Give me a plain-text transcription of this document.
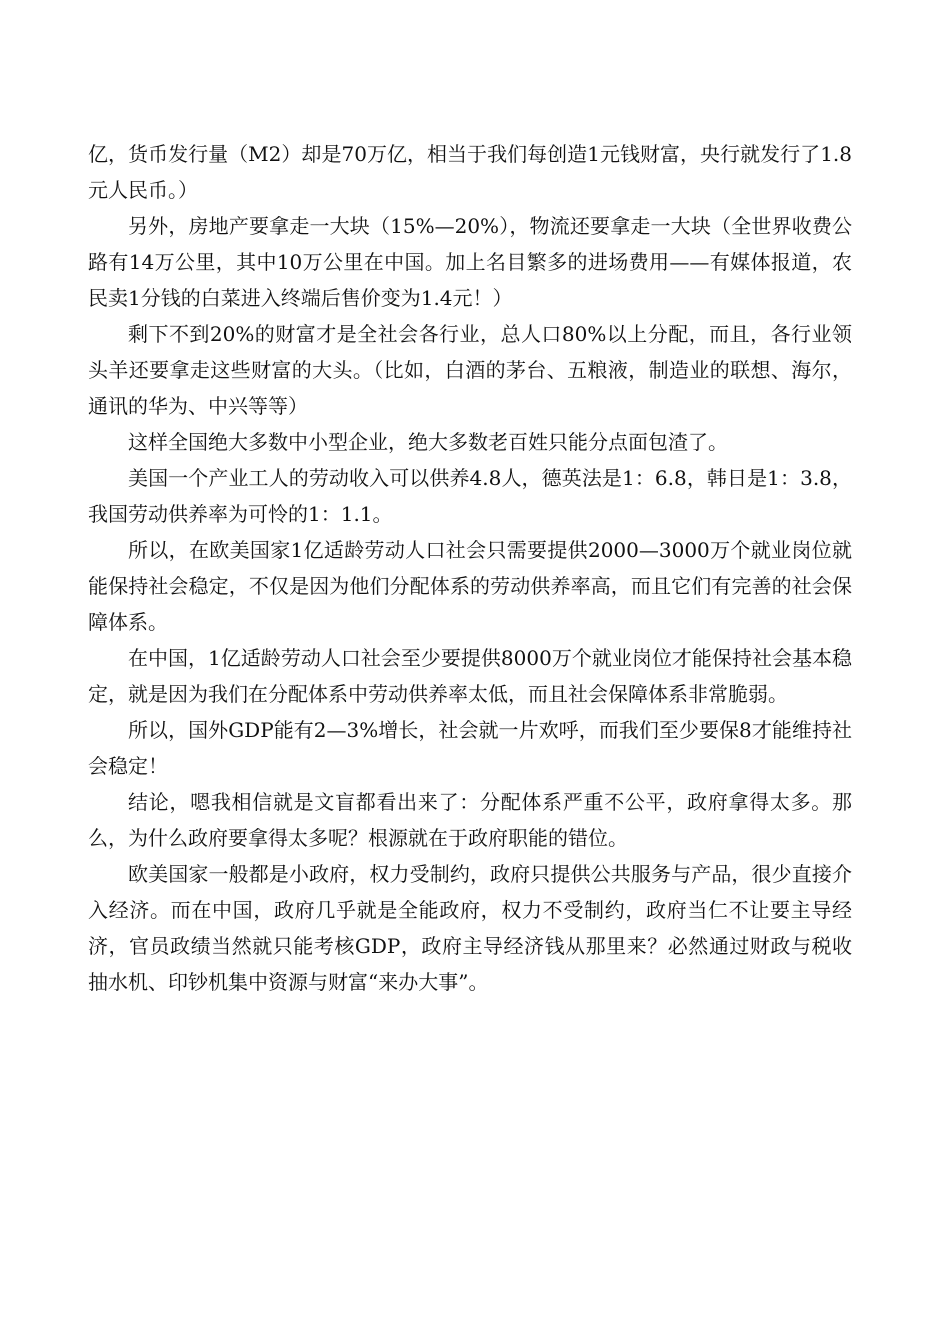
亿，货币发行量（M2）却是70万亿，相当于我们每创造1元钱财富，央行就发行了1.8元人民币。）

另外，房地产要拿走一大块（15%—20%），物流还要拿走一大块（全世界收费公路有14万公里，其中10万公里在中国。加上名目繁多的进场费用——有媒体报道，农民卖1分钱的白菜进入终端后售价变为1.4元！）

剩下不到20%的财富才是全社会各行业，总人口80%以上分配，而且，各行业领头羊还要拿走这些财富的大头。（比如，白酒的茅台、五粮液，制造业的联想、海尔，通讯的华为、中兴等等）

这样全国绝大多数中小型企业，绝大多数老百姓只能分点面包渣了。

美国一个产业工人的劳动收入可以供养4.8人，德英法是1：6.8，韩日是1：3.8，我国劳动供养率为可怜的1：1.1。

所以，在欧美国家1亿适龄劳动人口社会只需要提供2000—3000万个就业岗位就能保持社会稳定，不仅是因为他们分配体系的劳动供养率高，而且它们有完善的社会保障体系。

在中国，1亿适龄劳动人口社会至少要提供8000万个就业岗位才能保持社会基本稳定，就是因为我们在分配体系中劳动供养率太低，而且社会保障体系非常脆弱。

所以，国外GDP能有2—3%增长，社会就一片欢呼，而我们至少要保8才能维持社会稳定！

结论，嗯我相信就是文盲都看出来了：分配体系严重不公平，政府拿得太多。那么，为什么政府要拿得太多呢？根源就在于政府职能的错位。

欧美国家一般都是小政府，权力受制约，政府只提供公共服务与产品，很少直接介入经济。而在中国，政府几乎就是全能政府，权力不受制约，政府当仁不让要主导经济，官员政绩当然就只能考核GDP，政府主导经济钱从那里来？必然通过财政与税收抽水机、印钞机集中资源与财富“来办大事”。
